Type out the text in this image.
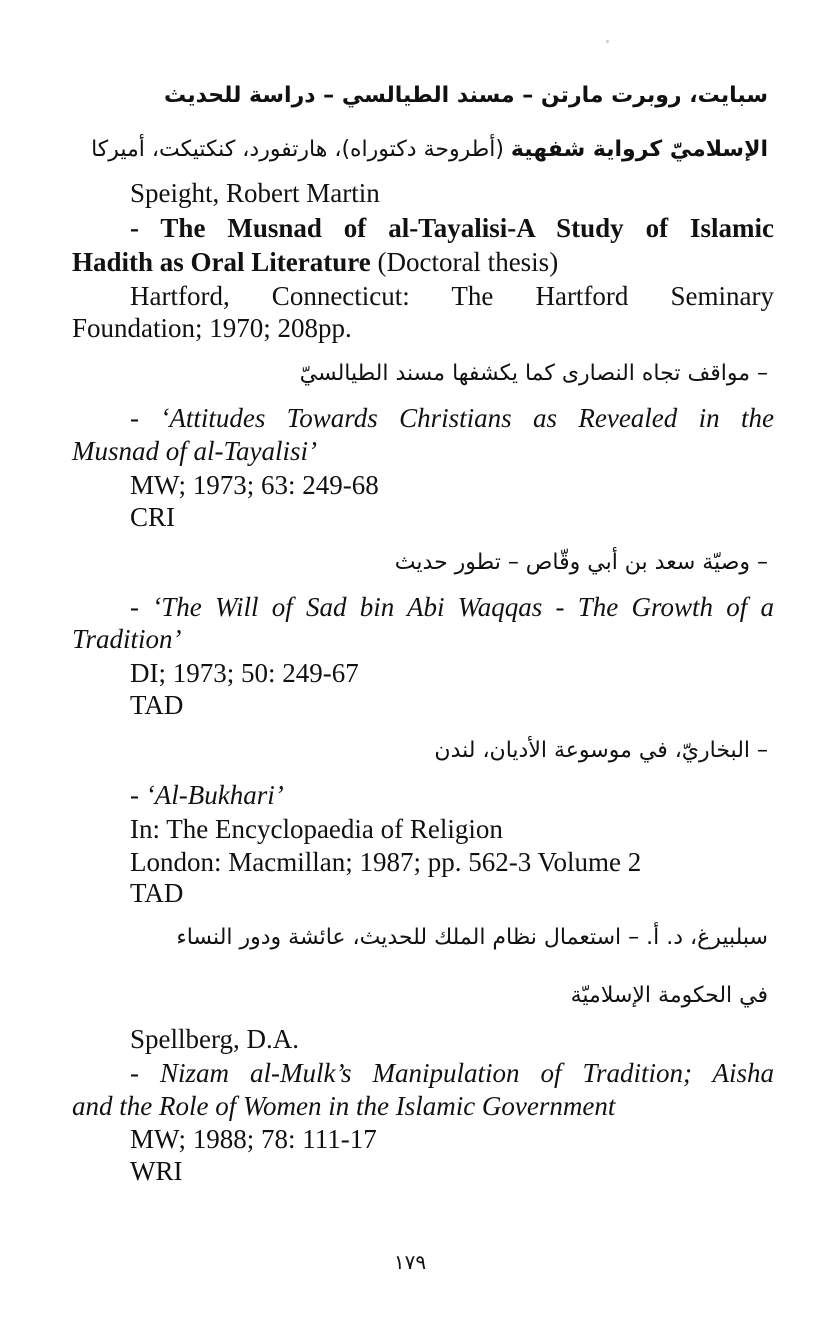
سبايت، روبرت مارتن – مسند الطيالسي – دراسة للحديث
الإسلاميّ كرواية شفهية (أطروحة دكتوراه)، هارتفورد، كنكتيكت، أميركا
Speight, Robert Martin
- The Musnad of al-Tayalisi-A Study of Islamic
Hadith as Oral Literature (Doctoral thesis)
Hartford, Connecticut: The Hartford Seminary
Foundation; 1970; 208pp.
– مواقف تجاه النصارى كما يكشفها مسند الطيالسيّ
- ‘Attitudes Towards Christians as Revealed in the
Musnad of al-Tayalisi’
MW; 1973; 63: 249-68
CRI
– وصيّة سعد بن أبي وقّاص – تطور حديث
- ‘The Will of Sad bin Abi Waqqas - The Growth of a
Tradition’
DI; 1973; 50: 249-67
TAD
– البخاريّ، في موسوعة الأديان، لندن
- ‘Al-Bukhari’
In: The Encyclopaedia of Religion
London: Macmillan; 1987; pp. 562-3 Volume 2
TAD
سبلبيرغ، د. أ. – استعمال نظام الملك للحديث، عائشة ودور النساء
في الحكومة الإسلاميّة
Spellberg, D.A.
- Nizam al-Mulk’s Manipulation of Tradition; Aisha
and the Role of Women in the Islamic Government
MW; 1988; 78: 111-17
WRI
١٧٩
